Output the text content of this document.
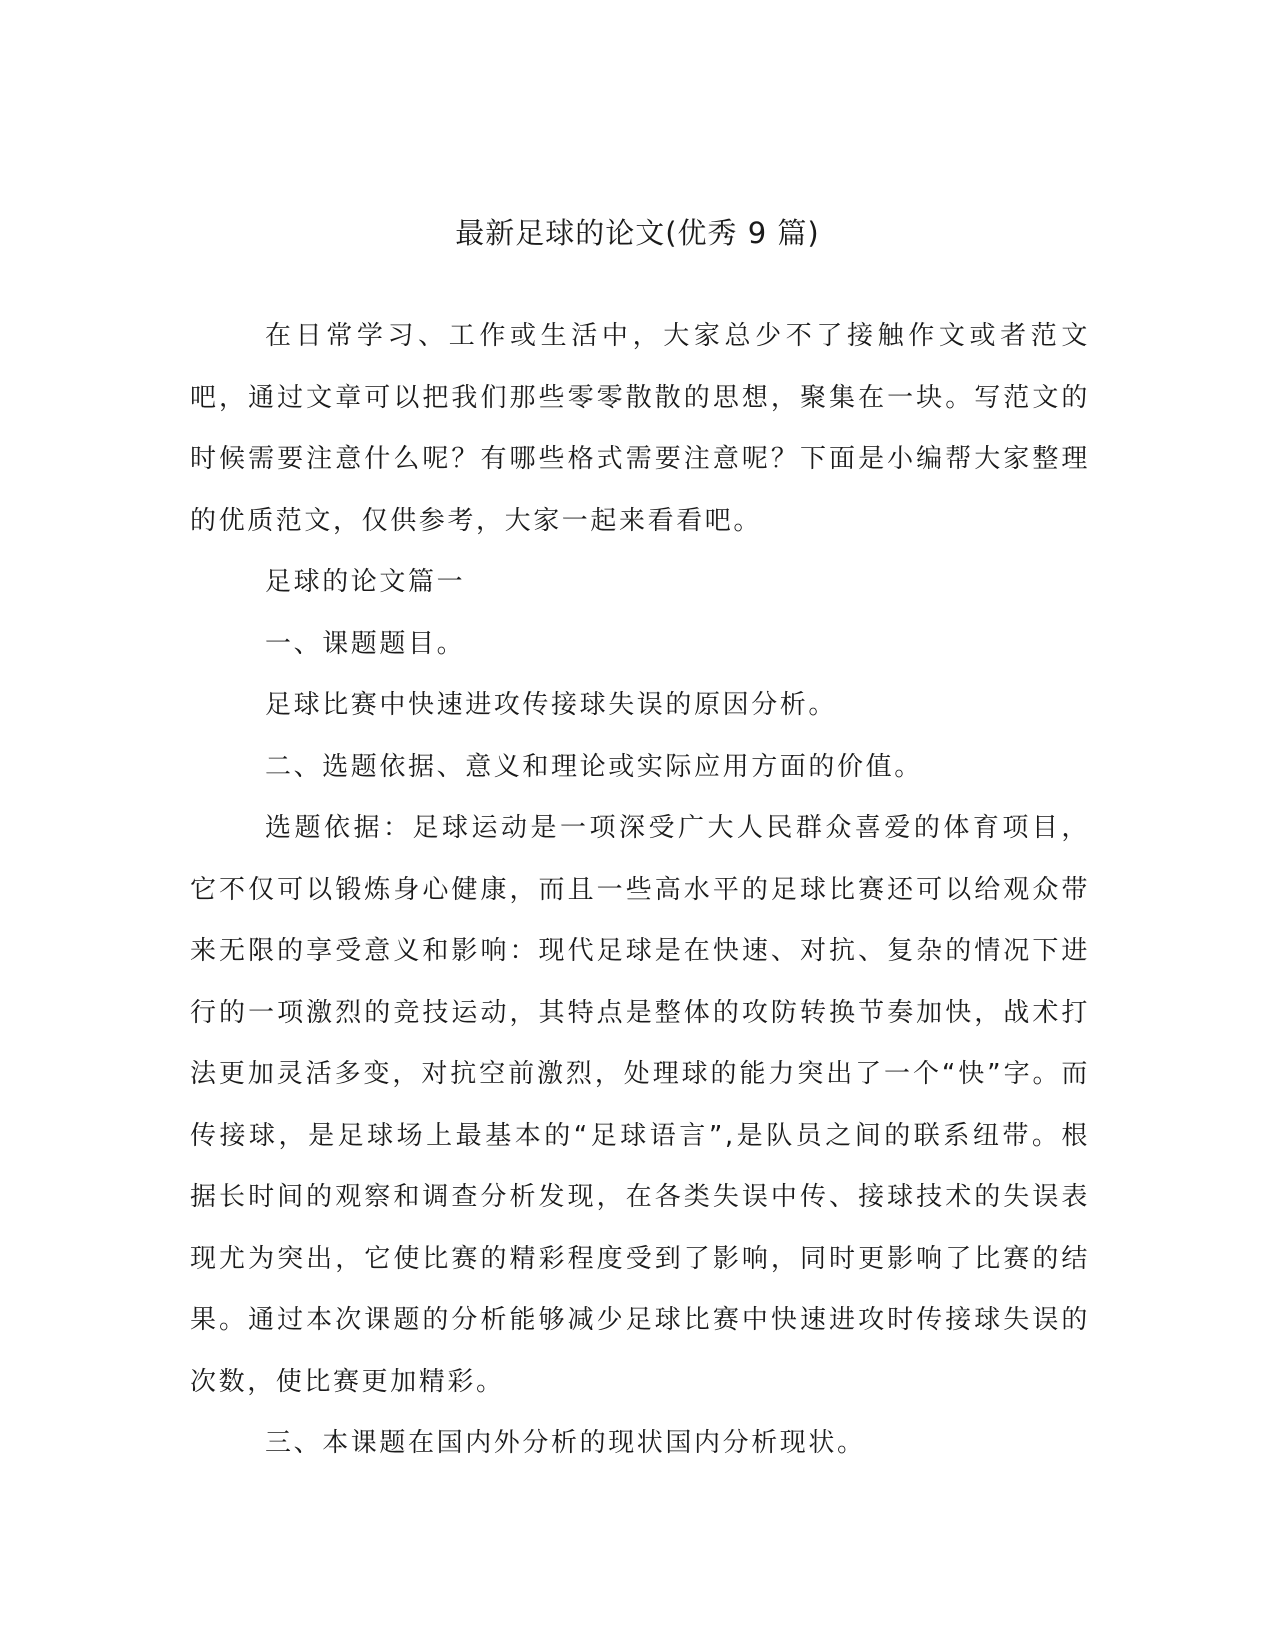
最新足球的论文(优秀 9 篇)

在日常学习、工作或生活中，大家总少不了接触作文或者范文吧，通过文章可以把我们那些零零散散的思想，聚集在一块。写范文的时候需要注意什么呢？有哪些格式需要注意呢？下面是小编帮大家整理的优质范文，仅供参考，大家一起来看看吧。

足球的论文篇一

一、课题题目。

足球比赛中快速进攻传接球失误的原因分析。

二、选题依据、意义和理论或实际应用方面的价值。

选题依据：足球运动是一项深受广大人民群众喜爱的体育项目，它不仅可以锻炼身心健康，而且一些高水平的足球比赛还可以给观众带来无限的享受意义和影响：现代足球是在快速、对抗、复杂的情况下进行的一项激烈的竞技运动，其特点是整体的攻防转换节奏加快，战术打法更加灵活多变，对抗空前激烈，处理球的能力突出了一个“快”字。而传接球，是足球场上最基本的“足球语言”,是队员之间的联系纽带。根据长时间的观察和调查分析发现，在各类失误中传、接球技术的失误表现尤为突出，它使比赛的精彩程度受到了影响，同时更影响了比赛的结果。通过本次课题的分析能够减少足球比赛中快速进攻时传接球失误的次数，使比赛更加精彩。

三、本课题在国内外分析的现状国内分析现状。
